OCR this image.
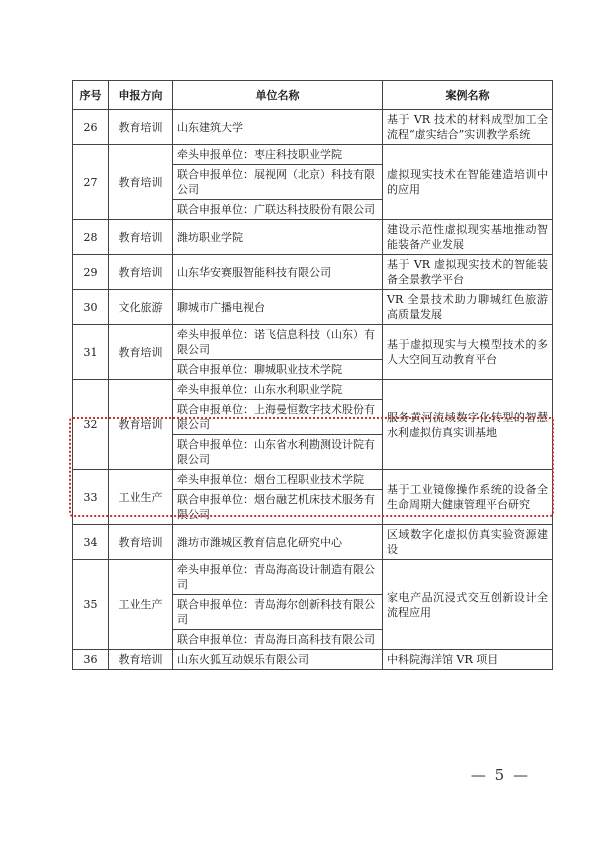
序号	申报方向	单位名称	案例名称
26	教育培训	山东建筑大学	基于 VR 技术的材料成型加工全流程“虚实结合”实训教学系统
27	教育培训	牵头申报单位：枣庄科技职业学院	虚拟现实技术在智能建造培训中的应用
		联合申报单位：展视网（北京）科技有限公司	
		联合申报单位：广联达科技股份有限公司	
28	教育培训	潍坊职业学院	建设示范性虚拟现实基地推动智能装备产业发展
29	教育培训	山东华安赛服智能科技有限公司	基于 VR 虚拟现实技术的智能装备全景教学平台
30	文化旅游	聊城市广播电视台	VR 全景技术助力聊城红色旅游高质量发展
31	教育培训	牵头申报单位：诺飞信息科技（山东）有限公司	基于虚拟现实与大模型技术的多人大空间互动教育平台
		联合申报单位：聊城职业技术学院	
32	教育培训	牵头申报单位：山东水利职业学院	服务黄河流域数字化转型的智慧水利虚拟仿真实训基地
		联合申报单位：上海曼恒数字技术股份有限公司	
		联合申报单位：山东省水利勘测设计院有限公司	
33	工业生产	牵头申报单位：烟台工程职业技术学院	基于工业镜像操作系统的设备全生命周期大健康管理平台研究
		联合申报单位：烟台融艺机床技术服务有限公司	
34	教育培训	潍坊市潍城区教育信息化研究中心	区域数字化虚拟仿真实验资源建设
35	工业生产	牵头申报单位：青岛海高设计制造有限公司	家电产品沉浸式交互创新设计全流程应用
		联合申报单位：青岛海尔创新科技有限公司	
		联合申报单位：青岛海日高科技有限公司	
36	教育培训	山东火狐互动娱乐有限公司	中科院海洋馆 VR 项目
— 5 —
